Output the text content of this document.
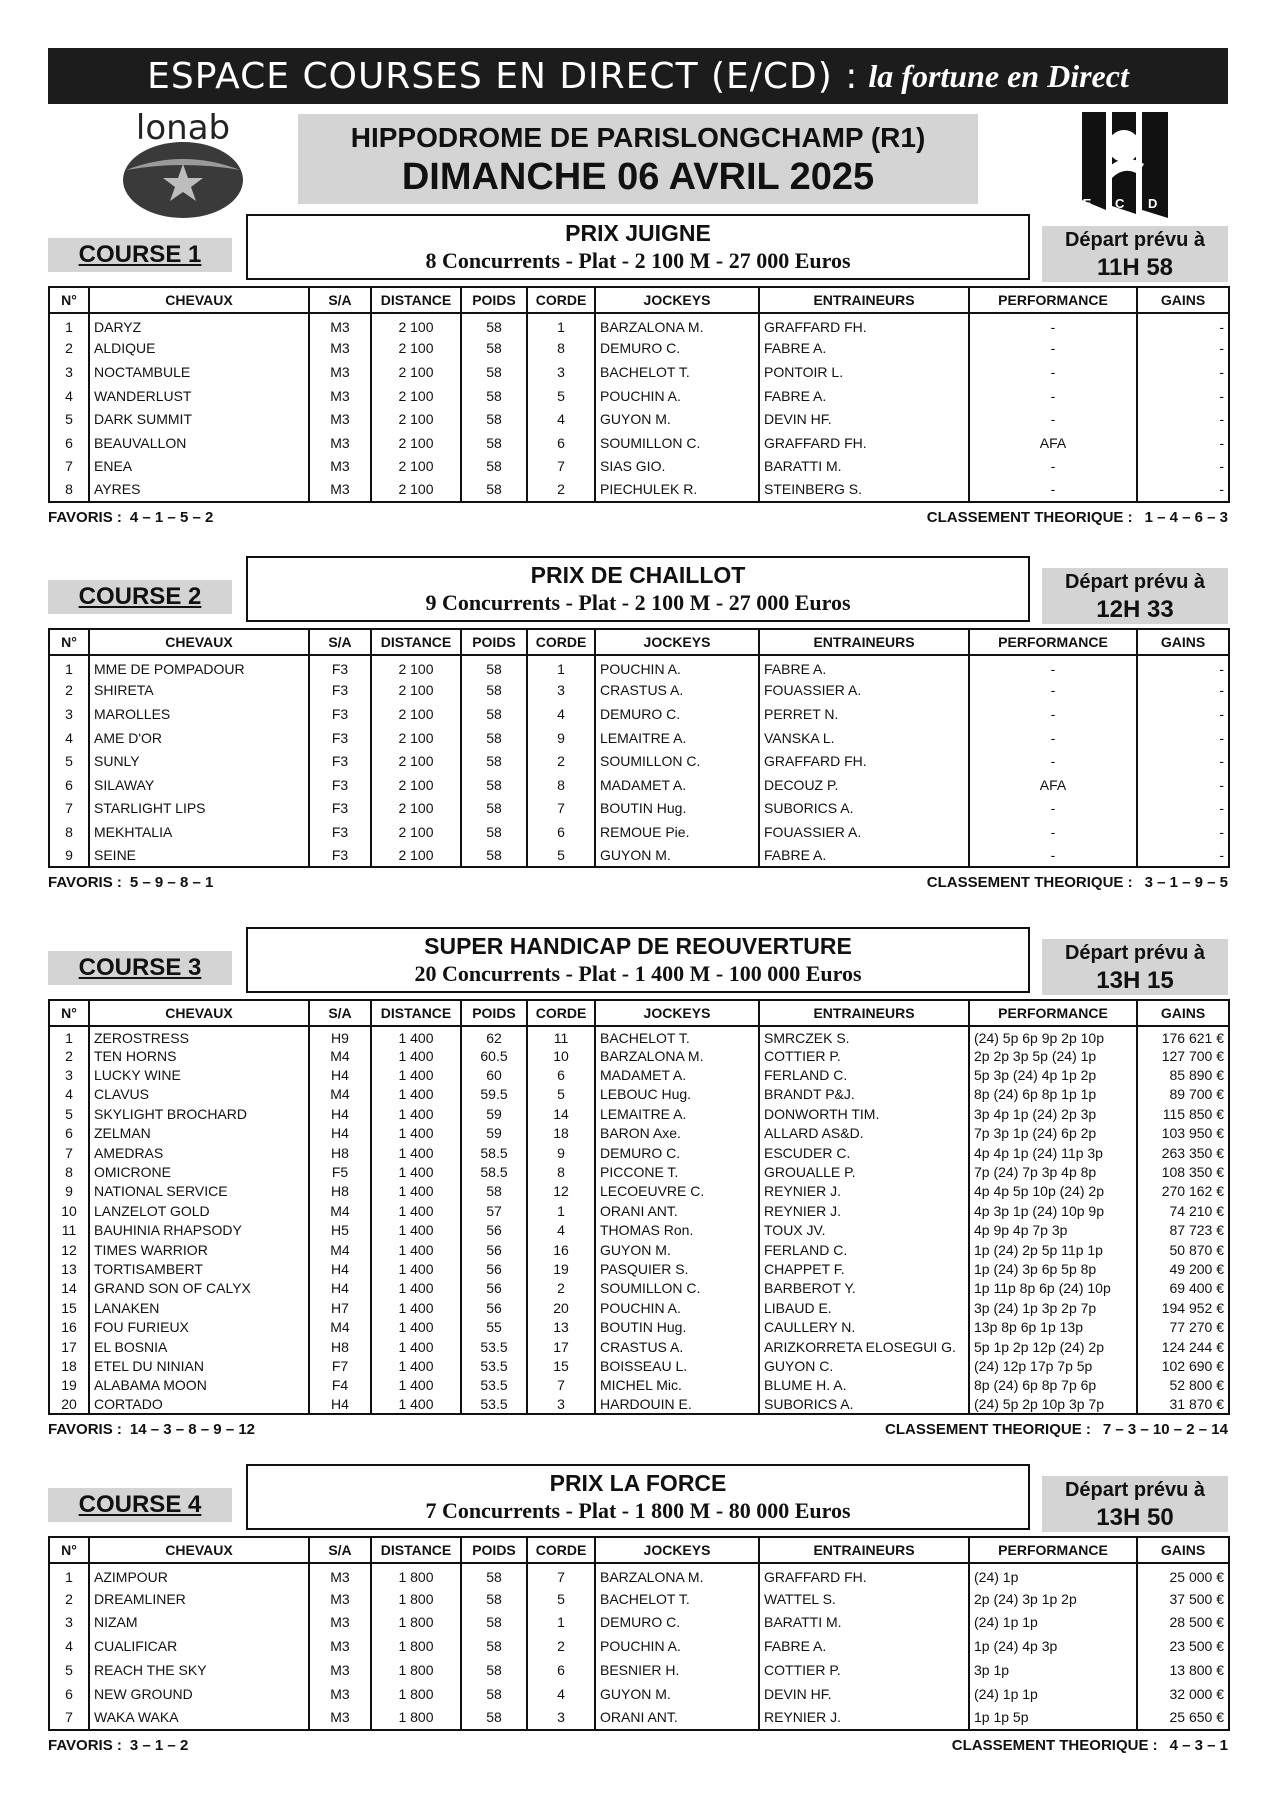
ESPACE COURSES EN DIRECT (E/CD) : la fortune en Direct
lonab	HIPPODROME DE PARISLONGCHAMP (R1)
DIMANCHE 06 AVRIL 2025
E C D
COURSE 1
PRIX JUIGNE
8 Concurrents - Plat - 2 100 M - 27 000 Euros
Départ prévu à
11H 58
N°	CHEVAUX	S/A	DISTANCE	POIDS	CORDE	JOCKEYS	ENTRAINEURS	PERFORMANCE	GAINS
1	DARYZ	M3	2 100	58	1	BARZALONA M.	GRAFFARD FH.	-	-
2	ALDIQUE	M3	2 100	58	8	DEMURO C.	FABRE A.	-	-
3	NOCTAMBULE	M3	2 100	58	3	BACHELOT T.	PONTOIR L.	-	-
4	WANDERLUST	M3	2 100	58	5	POUCHIN A.	FABRE A.	-	-
5	DARK SUMMIT	M3	2 100	58	4	GUYON M.	DEVIN HF.	-	-
6	BEAUVALLON	M3	2 100	58	6	SOUMILLON C.	GRAFFARD FH.	AFA	-
7	ENEA	M3	2 100	58	7	SIAS GIO.	BARATTI M.	-	-
8	AYRES	M3	2 100	58	2	PIECHULEK R.	STEINBERG S.	-	-
FAVORIS : 4 – 1 – 5 – 2	CLASSEMENT THEORIQUE : 1 – 4 – 6 – 3
COURSE 2
PRIX DE CHAILLOT
9 Concurrents - Plat - 2 100 M - 27 000 Euros
Départ prévu à
12H 33
N°	CHEVAUX	S/A	DISTANCE	POIDS	CORDE	JOCKEYS	ENTRAINEURS	PERFORMANCE	GAINS
1	MME DE POMPADOUR	F3	2 100	58	1	POUCHIN A.	FABRE A.	-	-
2	SHIRETA	F3	2 100	58	3	CRASTUS A.	FOUASSIER A.	-	-
3	MAROLLES	F3	2 100	58	4	DEMURO C.	PERRET N.	-	-
4	AME D'OR	F3	2 100	58	9	LEMAITRE A.	VANSKA L.	-	-
5	SUNLY	F3	2 100	58	2	SOUMILLON C.	GRAFFARD FH.	-	-
6	SILAWAY	F3	2 100	58	8	MADAMET A.	DECOUZ P.	AFA	-
7	STARLIGHT LIPS	F3	2 100	58	7	BOUTIN Hug.	SUBORICS A.	-	-
8	MEKHTALIA	F3	2 100	58	6	REMOUE Pie.	FOUASSIER A.	-	-
9	SEINE	F3	2 100	58	5	GUYON M.	FABRE A.	-	-
FAVORIS : 5 – 9 – 8 – 1	CLASSEMENT THEORIQUE : 3 – 1 – 9 – 5
COURSE 3
SUPER HANDICAP DE REOUVERTURE
20 Concurrents - Plat - 1 400 M - 100 000 Euros
Départ prévu à
13H 15
N°	CHEVAUX	S/A	DISTANCE	POIDS	CORDE	JOCKEYS	ENTRAINEURS	PERFORMANCE	GAINS
1	ZEROSTRESS	H9	1 400	62	11	BACHELOT T.	SMRCZEK S.	(24) 5p 6p 9p 2p 10p	176 621 €
2	TEN HORNS	M4	1 400	60.5	10	BARZALONA M.	COTTIER P.	2p 2p 3p 5p (24) 1p	127 700 €
3	LUCKY WINE	H4	1 400	60	6	MADAMET A.	FERLAND C.	5p 3p (24) 4p 1p 2p	85 890 €
4	CLAVUS	M4	1 400	59.5	5	LEBOUC Hug.	BRANDT P&J.	8p (24) 6p 8p 1p 1p	89 700 €
5	SKYLIGHT BROCHARD	H4	1 400	59	14	LEMAITRE A.	DONWORTH TIM.	3p 4p 1p (24) 2p 3p	115 850 €
6	ZELMAN	H4	1 400	59	18	BARON Axe.	ALLARD AS&D.	7p 3p 1p (24) 6p 2p	103 950 €
7	AMEDRAS	H8	1 400	58.5	9	DEMURO C.	ESCUDER C.	4p 4p 1p (24) 11p 3p	263 350 €
8	OMICRONE	F5	1 400	58.5	8	PICCONE T.	GROUALLE P.	7p (24) 7p 3p 4p 8p	108 350 €
9	NATIONAL SERVICE	H8	1 400	58	12	LECOEUVRE C.	REYNIER J.	4p 4p 5p 10p (24) 2p	270 162 €
10	LANZELOT GOLD	M4	1 400	57	1	ORANI ANT.	REYNIER J.	4p 3p 1p (24) 10p 9p	74 210 €
11	BAUHINIA RHAPSODY	H5	1 400	56	4	THOMAS Ron.	TOUX JV.	4p 9p 4p 7p 3p	87 723 €
12	TIMES WARRIOR	M4	1 400	56	16	GUYON M.	FERLAND C.	1p (24) 2p 5p 11p 1p	50 870 €
13	TORTISAMBERT	H4	1 400	56	19	PASQUIER S.	CHAPPET F.	1p (24) 3p 6p 5p 8p	49 200 €
14	GRAND SON OF CALYX	H4	1 400	56	2	SOUMILLON C.	BARBEROT Y.	1p 11p 8p 6p (24) 10p	69 400 €
15	LANAKEN	H7	1 400	56	20	POUCHIN A.	LIBAUD E.	3p (24) 1p 3p 2p 7p	194 952 €
16	FOU FURIEUX	M4	1 400	55	13	BOUTIN Hug.	CAULLERY N.	13p 8p 6p 1p 13p	77 270 €
17	EL BOSNIA	H8	1 400	53.5	17	CRASTUS A.	ARIZKORRETA ELOSEGUI G.	5p 1p 2p 12p (24) 2p	124 244 €
18	ETEL DU NINIAN	F7	1 400	53.5	15	BOISSEAU L.	GUYON C.	(24) 12p 17p 7p 5p	102 690 €
19	ALABAMA MOON	F4	1 400	53.5	7	MICHEL Mic.	BLUME H. A.	8p (24) 6p 8p 7p 6p	52 800 €
20	CORTADO	H4	1 400	53.5	3	HARDOUIN E.	SUBORICS A.	(24) 5p 2p 10p 3p 7p	31 870 €
FAVORIS : 14 – 3 – 8 – 9 – 12	CLASSEMENT THEORIQUE : 7 – 3 – 10 – 2 – 14
COURSE 4
PRIX LA FORCE
7 Concurrents - Plat - 1 800 M - 80 000 Euros
Départ prévu à
13H 50
N°	CHEVAUX	S/A	DISTANCE	POIDS	CORDE	JOCKEYS	ENTRAINEURS	PERFORMANCE	GAINS
1	AZIMPOUR	M3	1 800	58	7	BARZALONA M.	GRAFFARD FH.	(24) 1p	25 000 €
2	DREAMLINER	M3	1 800	58	5	BACHELOT T.	WATTEL S.	2p (24) 3p 1p 2p	37 500 €
3	NIZAM	M3	1 800	58	1	DEMURO C.	BARATTI M.	(24) 1p 1p	28 500 €
4	CUALIFICAR	M3	1 800	58	2	POUCHIN A.	FABRE A.	1p (24) 4p 3p	23 500 €
5	REACH THE SKY	M3	1 800	58	6	BESNIER H.	COTTIER P.	3p 1p	13 800 €
6	NEW GROUND	M3	1 800	58	4	GUYON M.	DEVIN HF.	(24) 1p 1p	32 000 €
7	WAKA WAKA	M3	1 800	58	3	ORANI ANT.	REYNIER J.	1p 1p 5p	25 650 €
FAVORIS : 3 – 1 – 2	CLASSEMENT THEORIQUE : 4 – 3 – 1
